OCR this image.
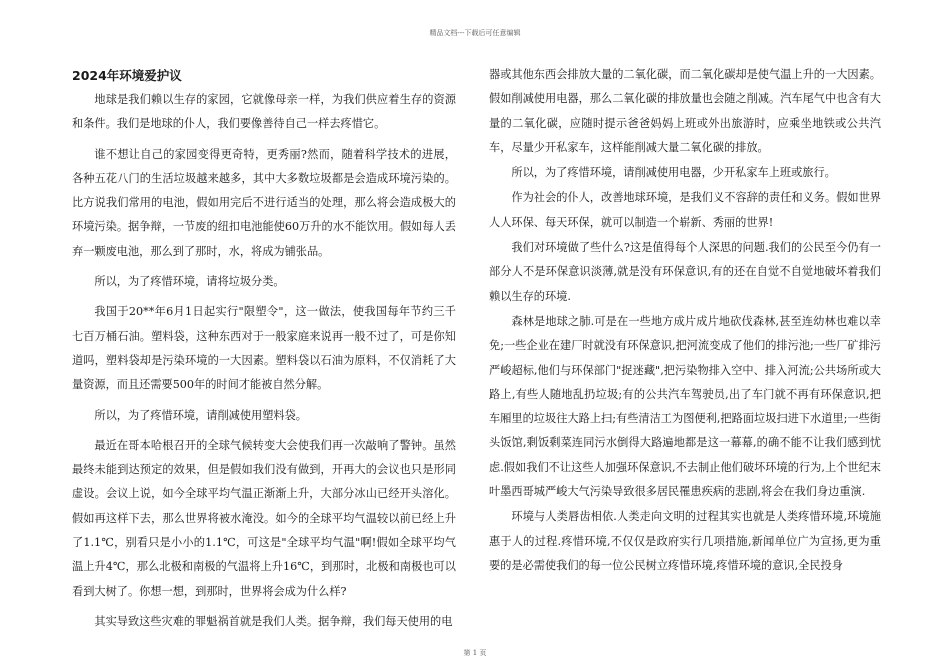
精品文档---下载后可任意编辑

2024年环境爱护议

地球是我们赖以生存的家园，它就像母亲一样，为我们供应着生存的资源和条件。我们是地球的仆人，我们要像善待自己一样去疼惜它。

谁不想让自己的家园变得更奇特，更秀丽?然而，随着科学技术的进展，各种五花八门的生活垃圾越来越多，其中大多数垃圾都是会造成环境污染的。比方说我们常用的电池，假如用完后不进行适当的处理，那么将会造成极大的环境污染。据争辩，一节废的纽扣电池能使60万升的水不能饮用。假如每人丢弃一颗废电池，那么到了那时，水，将成为铺张品。

所以，为了疼惜环境，请将垃圾分类。

我国于20**年6月1日起实行"限塑令"，这一做法，使我国每年节约三千七百万桶石油。塑料袋，这种东西对于一般家庭来说再一般不过了，可是你知道吗，塑料袋却是污染环境的一大因素。塑料袋以石油为原料，不仅消耗了大量资源，而且还需要500年的时间才能被自然分解。

所以，为了疼惜环境，请削减使用塑料袋。

最近在哥本哈根召开的全球气候转变大会使我们再一次敲响了警钟。虽然最终未能到达预定的效果，但是假如我们没有做到，开再大的会议也只是形同虚设。会议上说，如今全球平均气温正渐渐上升，大部分冰山已经开头溶化。假如再这样下去，那么世界将被水淹没。如今的全球平均气温较以前已经上升了1.1℃，别看只是小小的1.1℃，可这是"全球平均气温"啊!假如全球平均气温上升4℃，那么北极和南极的气温将上升16℃，到那时，北极和南极也可以看到大树了。你想一想，到那时，世界将会成为什么样?

其实导致这些灾难的罪魁祸首就是我们人类。据争辩，我们每天使用的电

器或其他东西会排放大量的二氧化碳，而二氧化碳却是使气温上升的一大因素。假如削减使用电器，那么二氧化碳的排放量也会随之削减。汽车尾气中也含有大量的二氧化碳，应随时提示爸爸妈妈上班或外出旅游时，应乘坐地铁或公共汽车，尽量少开私家车，这样能削减大量二氧化碳的排放。

所以，为了疼惜环境，请削减使用电器，少开私家车上班或旅行。

作为社会的仆人，改善地球环境，是我们义不容辞的责任和义务。假如世界人人环保、每天环保，就可以制造一个崭新、秀丽的世界!

我们对环境做了些什么?这是值得每个人深思的问题.我们的公民至今仍有一部分人不是环保意识淡薄,就是没有环保意识,有的还在自觉不自觉地破坏着我们赖以生存的环境.

森林是地球之肺.可是在一些地方成片成片地砍伐森林,甚至连幼林也难以幸免;一些企业在建厂时就没有环保意识,把河流变成了他们的排污池;一些厂矿排污严峻超标,他们与环保部门"捉迷藏",把污染物排入空中、排入河流;公共场所或大路上,有些人随地乱扔垃圾;有的公共汽车驾驶员,出了车门就不再有环保意识,把车厢里的垃圾往大路上扫;有些清洁工为图便利,把路面垃圾扫进下水道里;一些街头饭馆,剩饭剩菜连同污水倒得大路遍地都是这一幕幕,的确不能不让我们感到忧虑.假如我们不让这些人加强环保意识,不去制止他们破坏环境的行为,上个世纪末叶墨西哥城严峻大气污染导致很多居民罹患疾病的悲剧,将会在我们身边重演.

环境与人类唇齿相依.人类走向文明的过程其实也就是人类疼惜环境,环境施惠于人的过程.疼惜环境,不仅仅是政府实行几项措施,新闻单位广为宣扬,更为重要的是必需使我们的每一位公民树立疼惜环境,疼惜环境的意识,全民投身

第 1 页
